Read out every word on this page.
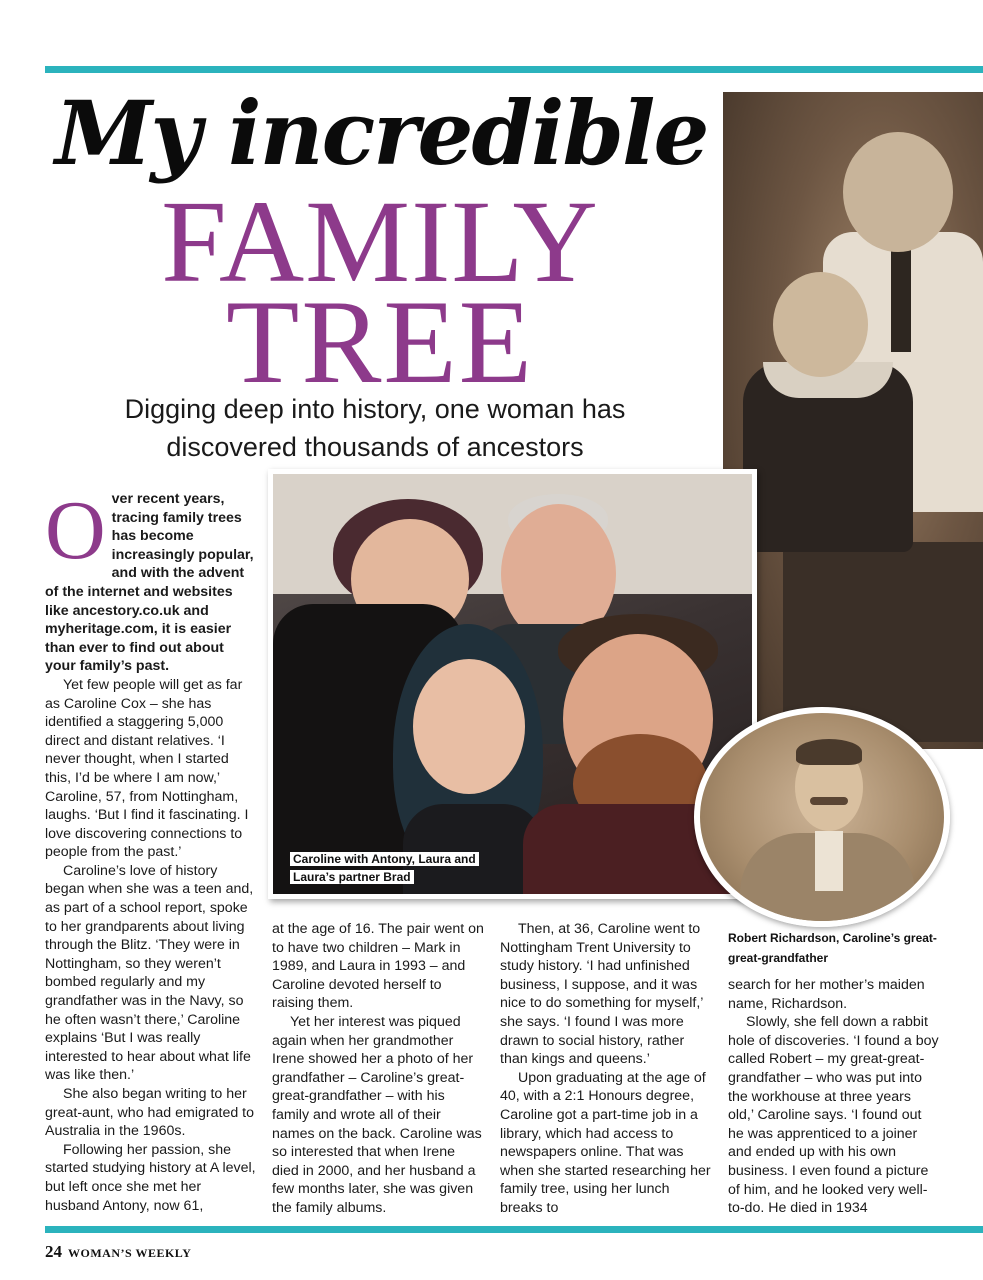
My incredible
FAMILY
TREE
Digging deep into history, one woman has discovered thousands of ancestors
Caroline with Antony, Laura and Laura’s partner Brad
Robert Richardson, Caroline’s great-great-grandfather

Over recent years, tracing family trees has become increasingly popular, and with the advent of the internet and websites like ancestory.co.uk and myheritage.com, it is easier than ever to find out about your family’s past.

Yet few people will get as far as Caroline Cox – she has identified a staggering 5,000 direct and distant relatives. ‘I never thought, when I started this, I’d be where I am now,’ Caroline, 57, from Nottingham, laughs. ‘But I find it fascinating. I love discovering connections to people from the past.’

Caroline’s love of history began when she was a teen and, as part of a school report, spoke to her grandparents about living through the Blitz. ‘They were in Nottingham, so they weren’t bombed regularly and my grandfather was in the Navy, so he often wasn’t there,’ Caroline explains ‘But I was really interested to hear about what life was like then.’

She also began writing to her great-aunt, who had emigrated to Australia in the 1960s.

Following her passion, she started studying history at A level, but left once she met her husband Antony, now 61,

at the age of 16. The pair went on to have two children – Mark in 1989, and Laura in 1993 – and Caroline devoted herself to raising them.

Yet her interest was piqued again when her grandmother Irene showed her a photo of her grandfather – Caroline’s great-great-grandfather – with his family and wrote all of their names on the back. Caroline was so interested that when Irene died in 2000, and her husband a few months later, she was given the family albums.

Then, at 36, Caroline went to Nottingham Trent University to study history. ‘I had unfinished business, I suppose, and it was nice to do something for myself,’ she says. ‘I found I was more drawn to social history, rather than kings and queens.’

Upon graduating at the age of 40, with a 2:1 Honours degree, Caroline got a part-time job in a library, which had access to newspapers online. That was when she started researching her family tree, using her lunch breaks to

search for her mother’s maiden name, Richardson.

Slowly, she fell down a rabbit hole of discoveries. ‘I found a boy called Robert – my great-great-grandfather – who was put into the workhouse at three years old,’ Caroline says. ‘I found out he was apprenticed to a joiner and ended up with his own business. I even found a picture of him, and he looked very well-to-do. He died in 1934

24 WOMAN’S WEEKLY
